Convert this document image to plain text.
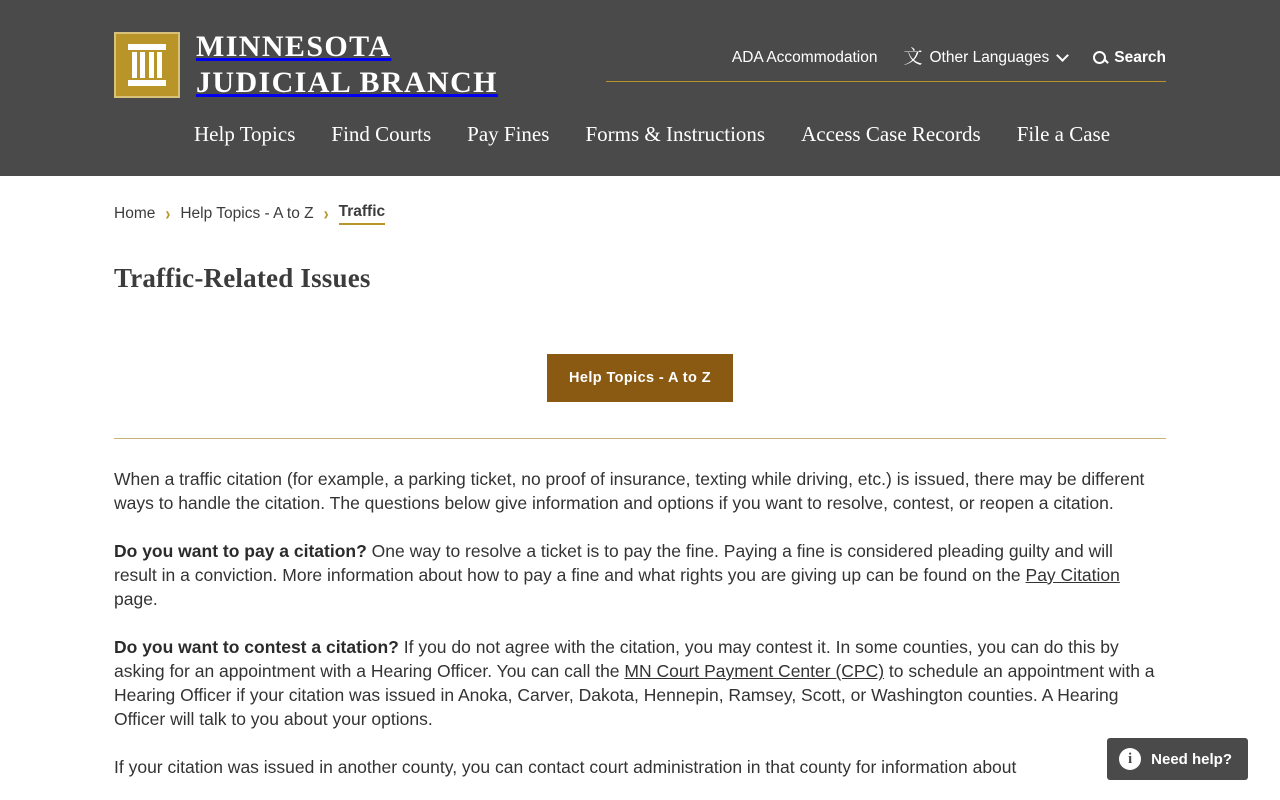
MINNESOTA
JUDICIAL BRANCH
ADA Accommodation 文 Other Languages	Search
Help Topics Find Courts Pay Fines Forms & Instructions Access Case Records File a Case
Home › Help Topics - A to Z › Traffic
Traffic-Related Issues
Help Topics - A to Z

When a traffic citation (for example, a parking ticket, no proof of insurance, texting while driving, etc.) is issued, there may be different ways to handle the citation. The questions below give information and options if you want to resolve, contest, or reopen a citation.

Do you want to pay a citation? One way to resolve a ticket is to pay the fine. Paying a fine is considered pleading guilty and will result in a conviction. More information about how to pay a fine and what rights you are giving up can be found on the Pay Citation page.

Do you want to contest a citation? If you do not agree with the citation, you may contest it. In some counties, you can do this by asking for an appointment with a Hearing Officer. You can call the MN Court Payment Center (CPC) to schedule an appointment with a Hearing Officer if your citation was issued in Anoka, Carver, Dakota, Hennepin, Ramsey, Scott, or Washington counties. A Hearing Officer will talk to you about your options.

If your citation was issued in another county, you can contact court administration in that county for information about	i	Need help?
